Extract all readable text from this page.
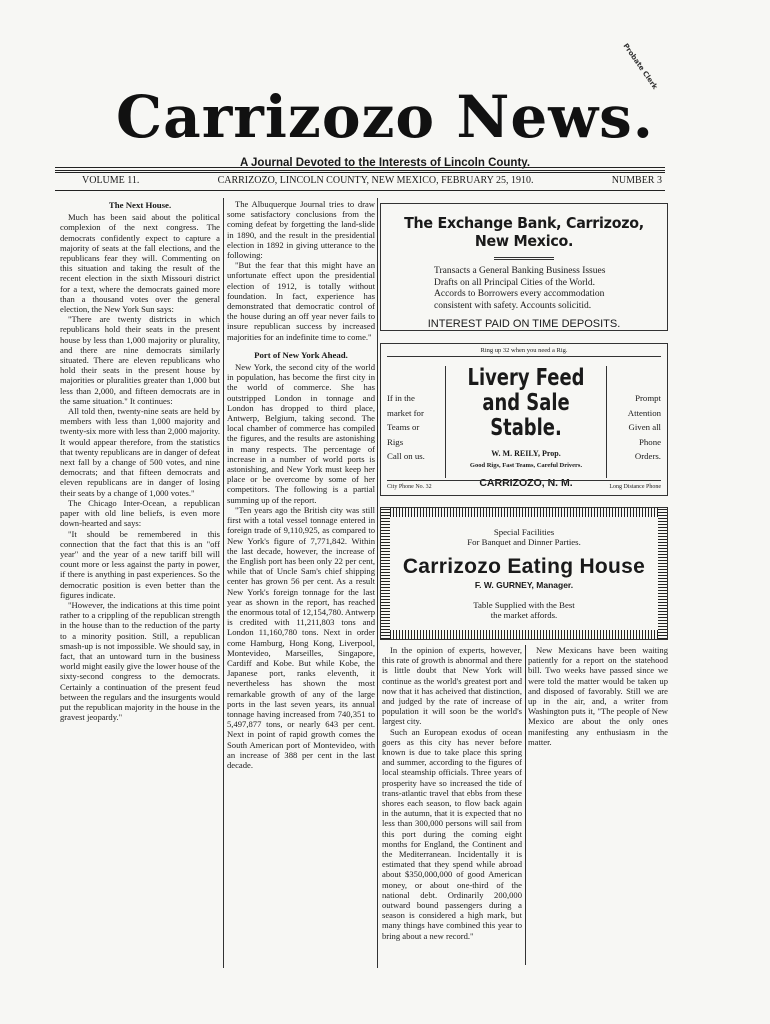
Probate Clerk
Carrizozo News.
A Journal Devoted to the Interests of Lincoln County.
VOLUME 11.	CARRIZOZO, LINCOLN COUNTY, NEW MEXICO, FEBRUARY 25, 1910.	NUMBER 3
The Next House.

Much has been said about the political complexion of the next congress. The democrats confidently expect to capture a majority of seats at the fall elections, and the republicans fear they will. Commenting on this situation and taking the result of the recent election in the sixth Missouri district for a text, where the democrats gained more than a thousand votes over the general election, the New York Sun says:

"There are twenty districts in which republicans hold their seats in the present house by less than 1,000 majority or plurality, and there are nine democrats similarly situated. There are eleven republicans who hold their seats in the present house by majorities or pluralities greater than 1,000 but less than 2,000, and fifteen democrats are in the same situation." It continues:

All told then, twenty-nine seats are held by members with less than 1,000 majority and twenty-six more with less than 2,000 majority. It would appear therefore, from the statistics that twenty republicans are in danger of defeat next fall by a change of 500 votes, and nine democrats; and that fifteen democrats and eleven republicans are in danger of losing their seats by a change of 1,000 votes."

The Chicago Inter-Ocean, a republican paper with old line beliefs, is even more down-hearted and says:

"It should be remembered in this connection that the fact that this is an "off year" and the year of a new tariff bill will count more or less against the party in power, if there is anything in past experiences. So the democratic position is even better than the figures indicate.

"However, the indications at this time point rather to a crippling of the republican strength in the house than to the reduction of the party to a minority position. Still, a republican smash-up is not impossible. We should say, in fact, that an untoward turn in the business world might easily give the lower house of the sixty-second congress to the democrats. Certainly a continuation of the present feud between the regulars and the insurgents would put the republican majority in the house in the gravest jeopardy."

The Albuquerque Journal tries to draw some satisfactory conclusions from the coming defeat by forgetting the land-slide in 1890, and the result in the presidential election in 1892 in giving utterance to the following:

"But the fear that this might have an unfortunate effect upon the presidential election of 1912, is totally without foundation. In fact, experience has demonstrated that democratic control of the house during an off year never fails to insure republican success by increased majorities for an indefinite time to come."

Port of New York Ahead.

New York, the second city of the world in population, has become the first city in the world of commerce. She has outstripped London in tonnage and London has dropped to third place, Antwerp, Belgium, taking second. The local chamber of commerce has compiled the figures, and the results are astonishing in many respects. The percentage of increase in a number of world ports is astonishing, and New York must keep her place or be overcome by some of her competitors. The following is a partial summing up of the report.

"Ten years ago the British city was still first with a total vessel tonnage entered in foreign trade of 9,110,925, as compared to New York's figure of 7,771,842. Within the last decade, however, the increase of the English port has been only 22 per cent, while that of Uncle Sam's chief shipping center has grown 56 per cent. As a result New York's foreign tonnage for the last year as shown in the report, has reached the enormous total of 12,154,780. Antwerp is credited with 11,211,803 tons and London 11,160,780 tons. Next in order come Hamburg, Hong Kong, Liverpool, Montevideo, Marseilles, Singapore, Cardiff and Kobe. But while Kobe, the Japanese port, ranks eleventh, it nevertheless has shown the most remarkable growth of any of the large ports in the last seven years, its annual tonnage having increased from 740,351 to 5,497,877 tons, or nearly 643 per cent. Next in point of rapid growth comes the South American port of Montevideo, with an increase of 388 per cent in the last decade.

The Exchange Bank, Carrizozo, New Mexico.
Transacts a General Banking Business Issues Drafts on all Principal Cities of the World. Accords to Borrowers every accommodation consistent with safety. Accounts solicitid.
INTEREST PAID ON TIME DEPOSITS.
Ring up 32 when you need a Rig.
If in the
market for
Teams or
Rigs
Call on us.
Livery Feed and Sale
Stable.
W. M. REILY, Prop.
Good Rigs, Fast Teams, Careful Drivers.
CARRIZOZO, N. M.
Prompt
Attention
Given all
Phone
Orders.
City Phone No. 32	Long Distance Phone
Special Facilities
For Banquet and Dinner Parties.
Carrizozo Eating House
F. W. GURNEY, Manager.
Table Supplied with the Best
the market affords.

In the opinion of experts, however, this rate of growth is abnormal and there is little doubt that New York will continue as the world's greatest port and now that it has acheived that distinction, and judged by the rate of increase of population it will soon be the world's largest city.

Such an European exodus of ocean goers as this city has never before known is due to take place this spring and summer, according to the figures of local steamship officials. Three years of prosperity have so increased the tide of trans-atlantic travel that ebbs from these shores each season, to flow back again in the autumn, that it is expected that no less than 300,000 persons will sail from this port during the coming eight months for England, the Continent and the Mediterranean. Incidentally it is estimated that they spend while abroad about $350,000,000 of good American money, or about one-third of the national debt. Ordinarily 200,000 outward bound passengers during a season is considered a high mark, but many things have combined this year to bring about a new record."

New Mexicans have been waiting patiently for a report on the statehood bill. Two weeks have passed since we were told the matter would be taken up and disposed of favorably. Still we are up in the air, and, a writer from Washington puts it, "The people of New Mexico are about the only ones manifesting any enthusiasm in the matter.
